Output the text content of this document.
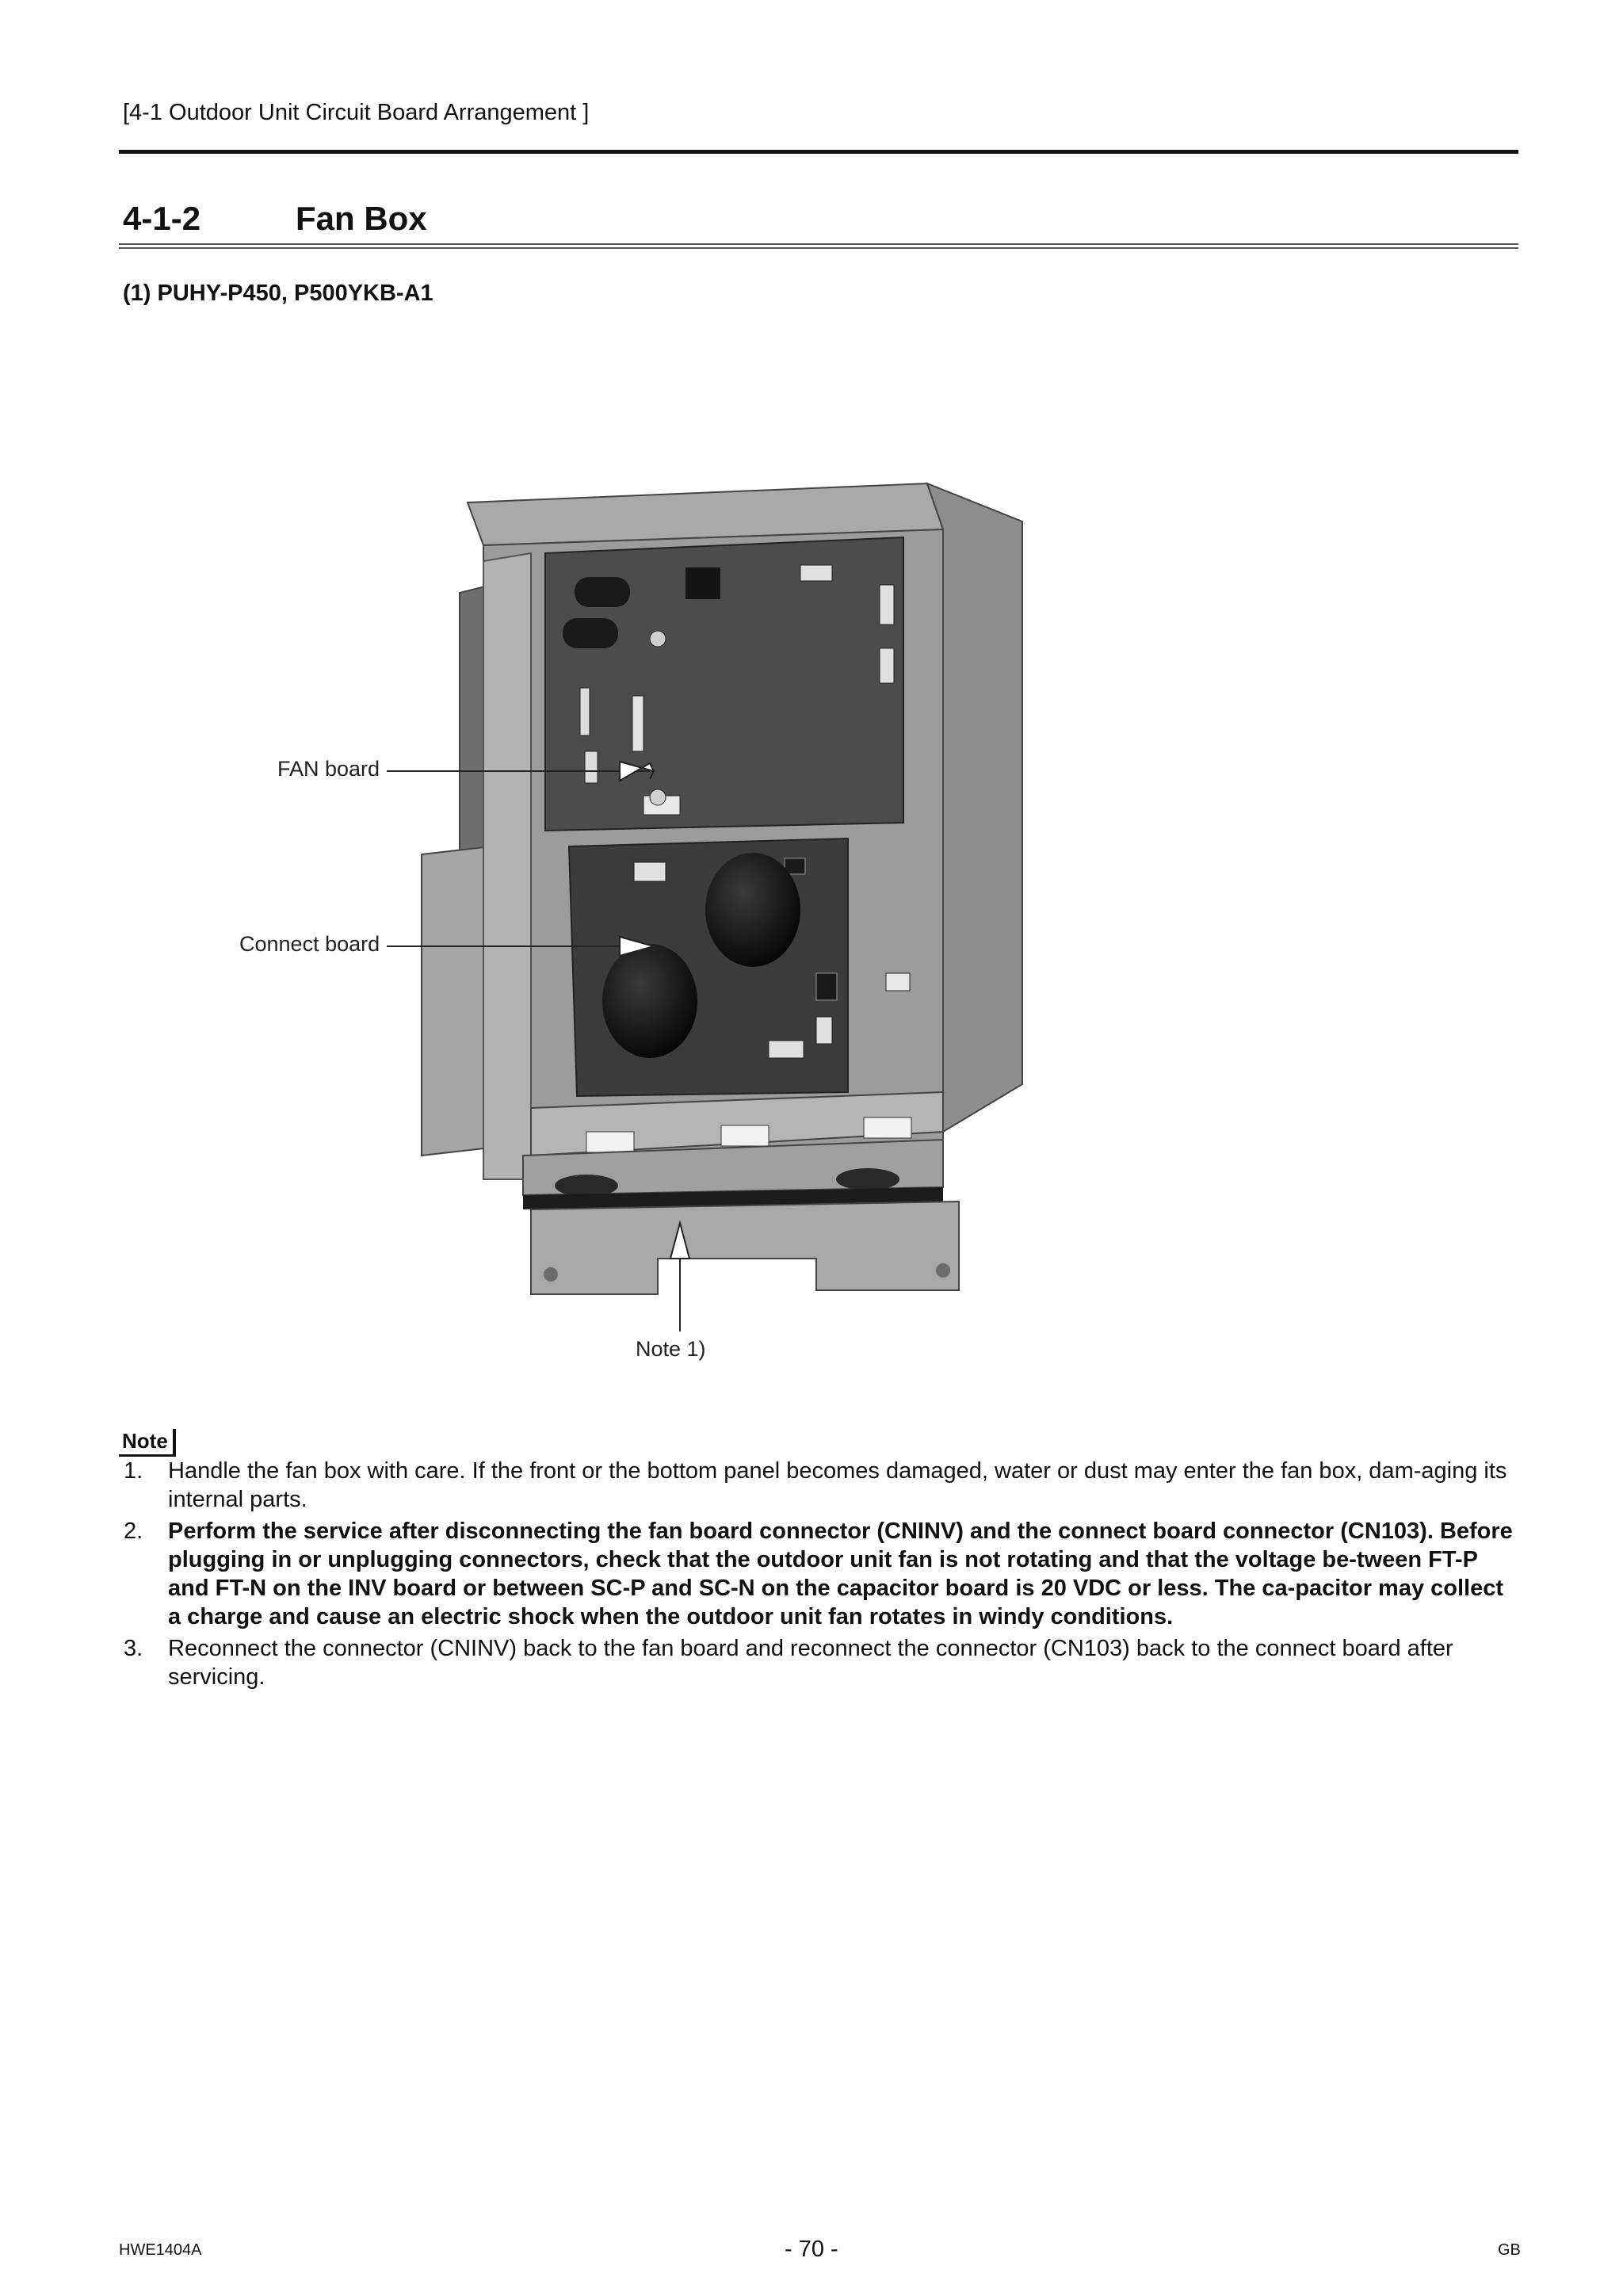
[4-1 Outdoor Unit Circuit Board Arrangement ]
4-1-2	Fan Box
(1) PUHY-P450, P500YKB-A1
FAN board
Connect board
Note 1)
Note
1. Handle the fan box with care. If the front or the bottom panel becomes damaged, water or dust may enter the fan box, dam-aging its internal parts.
2. Perform the service after disconnecting the fan board connector (CNINV) and the connect board connector (CN103). Before plugging in or unplugging connectors, check that the outdoor unit fan is not rotating and that the voltage be-tween FT-P and FT-N on the INV board or between SC-P and SC-N on the capacitor board is 20 VDC or less. The ca-pacitor may collect a charge and cause an electric shock when the outdoor unit fan rotates in windy conditions.
3. Reconnect the connector (CNINV) back to the fan board and reconnect the connector (CN103) back to the connect board after servicing.
HWE1404A	- 70 -	GB
